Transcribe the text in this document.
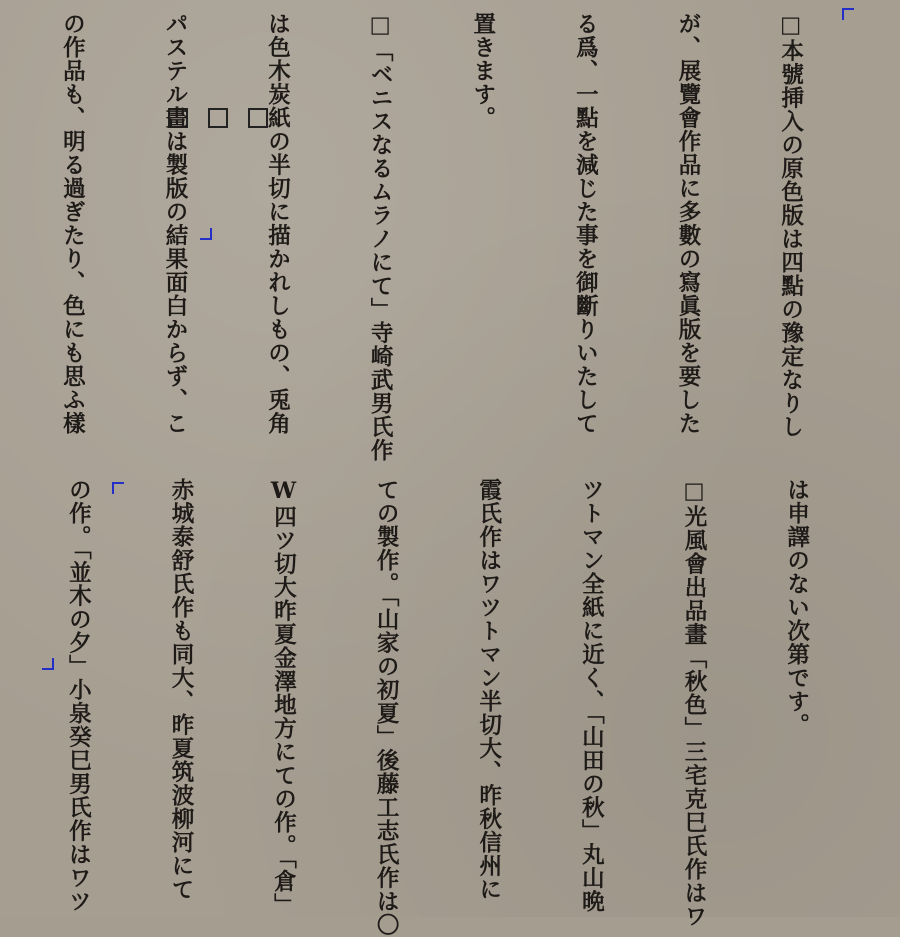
□本號挿入の原色版は四點の豫定なりし

が、展覽會作品に多數の寫眞版を要した

る爲、一點を減じた事を御斷りいたして

置きます。

□「ベニスなるムラノにて」寺崎武男氏作

は色木炭紙の半切に描かれしもの、兎角

パステル畫は製版の結果面白からず、こ

の作品も、明る過ぎたり、色にも思ふ樣

は申譯のない次第です。

□光風會出品畫「秋色」三宅克巳氏作はワ

ツトマン全紙に近く、「山田の秋」丸山晩

霞氏作はワツトマン半切大、昨秋信州に

ての製作。「山家の初夏」後藤工志氏作は〇

W四ツ切大昨夏金澤地方にての作。「倉」

赤城泰舒氏作も同大、昨夏筑波柳河にて

の作。「並木の夕」小泉癸巳男氏作はワツ
